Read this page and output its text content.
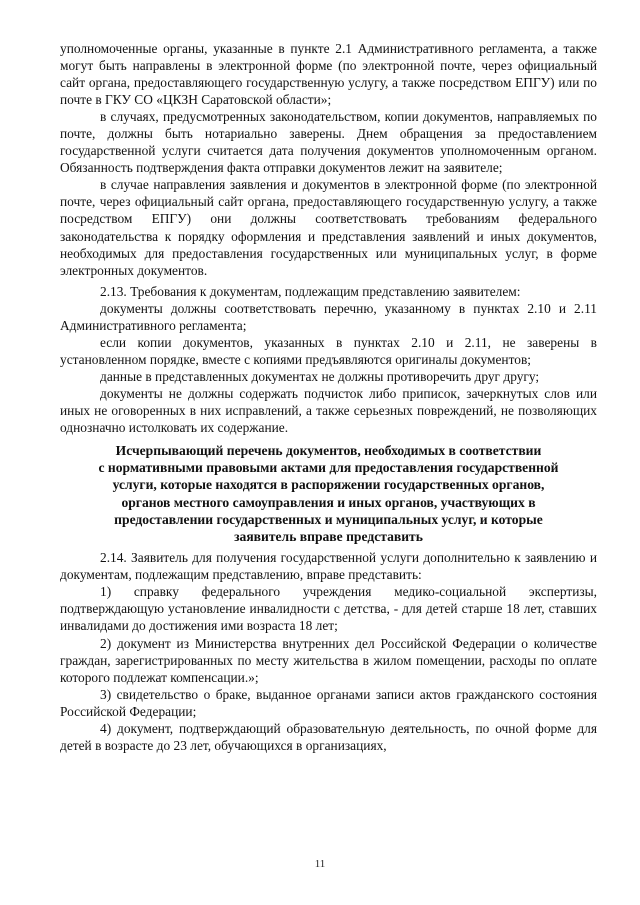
уполномоченные органы, указанные в пункте 2.1 Административного регламента, а также могут быть направлены в электронной форме (по электронной почте, через официальный сайт органа, предоставляющего государственную услугу, а также посредством ЕПГУ) или по почте в ГКУ СО «ЦКЗН Саратовской области»;

в случаях, предусмотренных законодательством, копии документов, направляемых по почте, должны быть нотариально заверены. Днем обращения за предоставлением государственной услуги считается дата получения документов уполномоченным органом. Обязанность подтверждения факта отправки документов лежит на заявителе;

в случае направления заявления и документов в электронной форме (по электронной почте, через официальный сайт органа, предоставляющего государственную услугу, а также посредством ЕПГУ) они должны соответствовать требованиям федерального законодательства к порядку оформления и представления заявлений и иных документов, необходимых для предоставления государственных или муниципальных услуг, в форме электронных документов.

2.13. Требования к документам, подлежащим представлению заявителем:

документы должны соответствовать перечню, указанному в пунктах 2.10 и 2.11 Административного регламента;

если копии документов, указанных в пунктах 2.10 и 2.11, не заверены в установленном порядке, вместе с копиями предъявляются оригиналы документов;

данные в представленных документах не должны противоречить друг другу;

документы не должны содержать подчисток либо приписок, зачеркнутых слов или иных не оговоренных в них исправлений, а также серьезных повреждений, не позволяющих однозначно истолковать их содержание.

Исчерпывающий перечень документов, необходимых в соответствии
с нормативными правовыми актами для предоставления государственной
услуги, которые находятся в распоряжении государственных органов,
органов местного самоуправления и иных органов, участвующих в
предоставлении государственных и муниципальных услуг, и которые
заявитель вправе представить

2.14. Заявитель для получения государственной услуги дополнительно к заявлению и документам, подлежащим представлению, вправе представить:

1) справку федерального учреждения медико-социальной экспертизы, подтверждающую установление инвалидности с детства, - для детей старше 18 лет, ставших инвалидами до достижения ими возраста 18 лет;

2) документ из Министерства внутренних дел Российской Федерации о количестве граждан, зарегистрированных по месту жительства в жилом помещении, расходы по оплате которого подлежат компенсации.»;

3) свидетельство о браке, выданное органами записи актов гражданского состояния Российской Федерации;

4) документ, подтверждающий образовательную деятельность, по очной форме для детей в возрасте до 23 лет, обучающихся в организациях,

11
